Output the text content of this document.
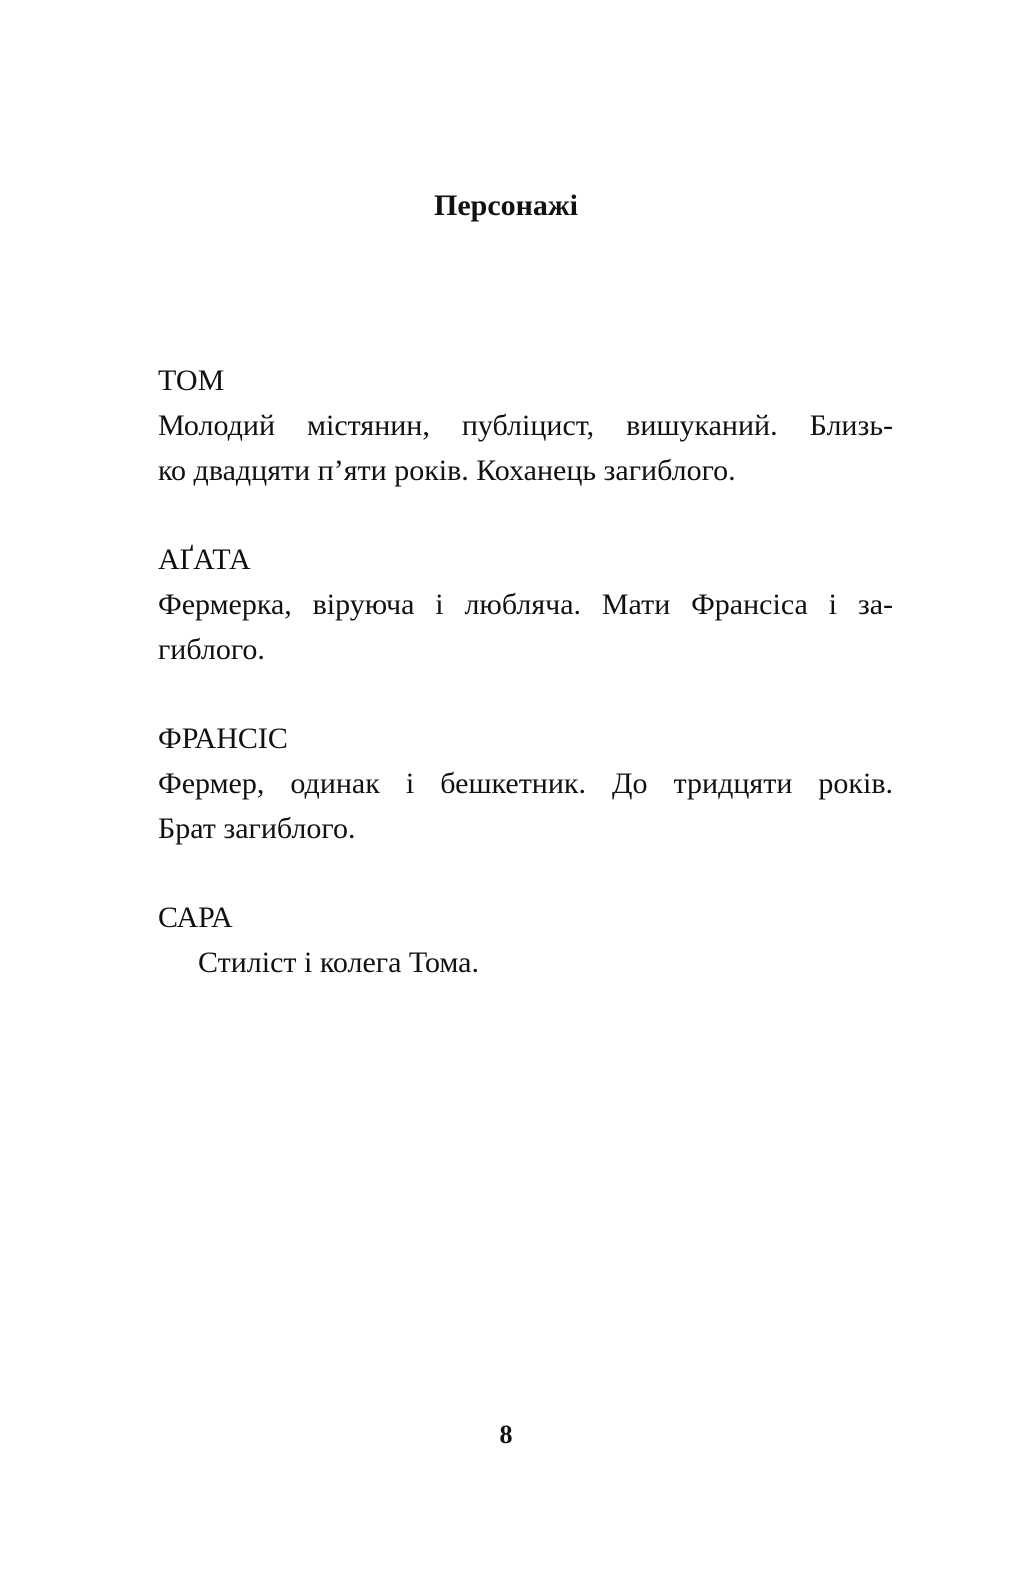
Персонажі
ТОМ
Молодий містянин, публіцист, вишуканий. Близь-
ко двадцяти п’яти років. Коханець загиблого.
АҐАТА
Фермерка, віруюча і люблячa. Мати Франсіса і за-
гиблого.
ФРАНСІС
Фермер, одинак і бешкетник. До тридцяти років.
Брат загиблого.
САРА
Стиліст і колега Тома.
8
